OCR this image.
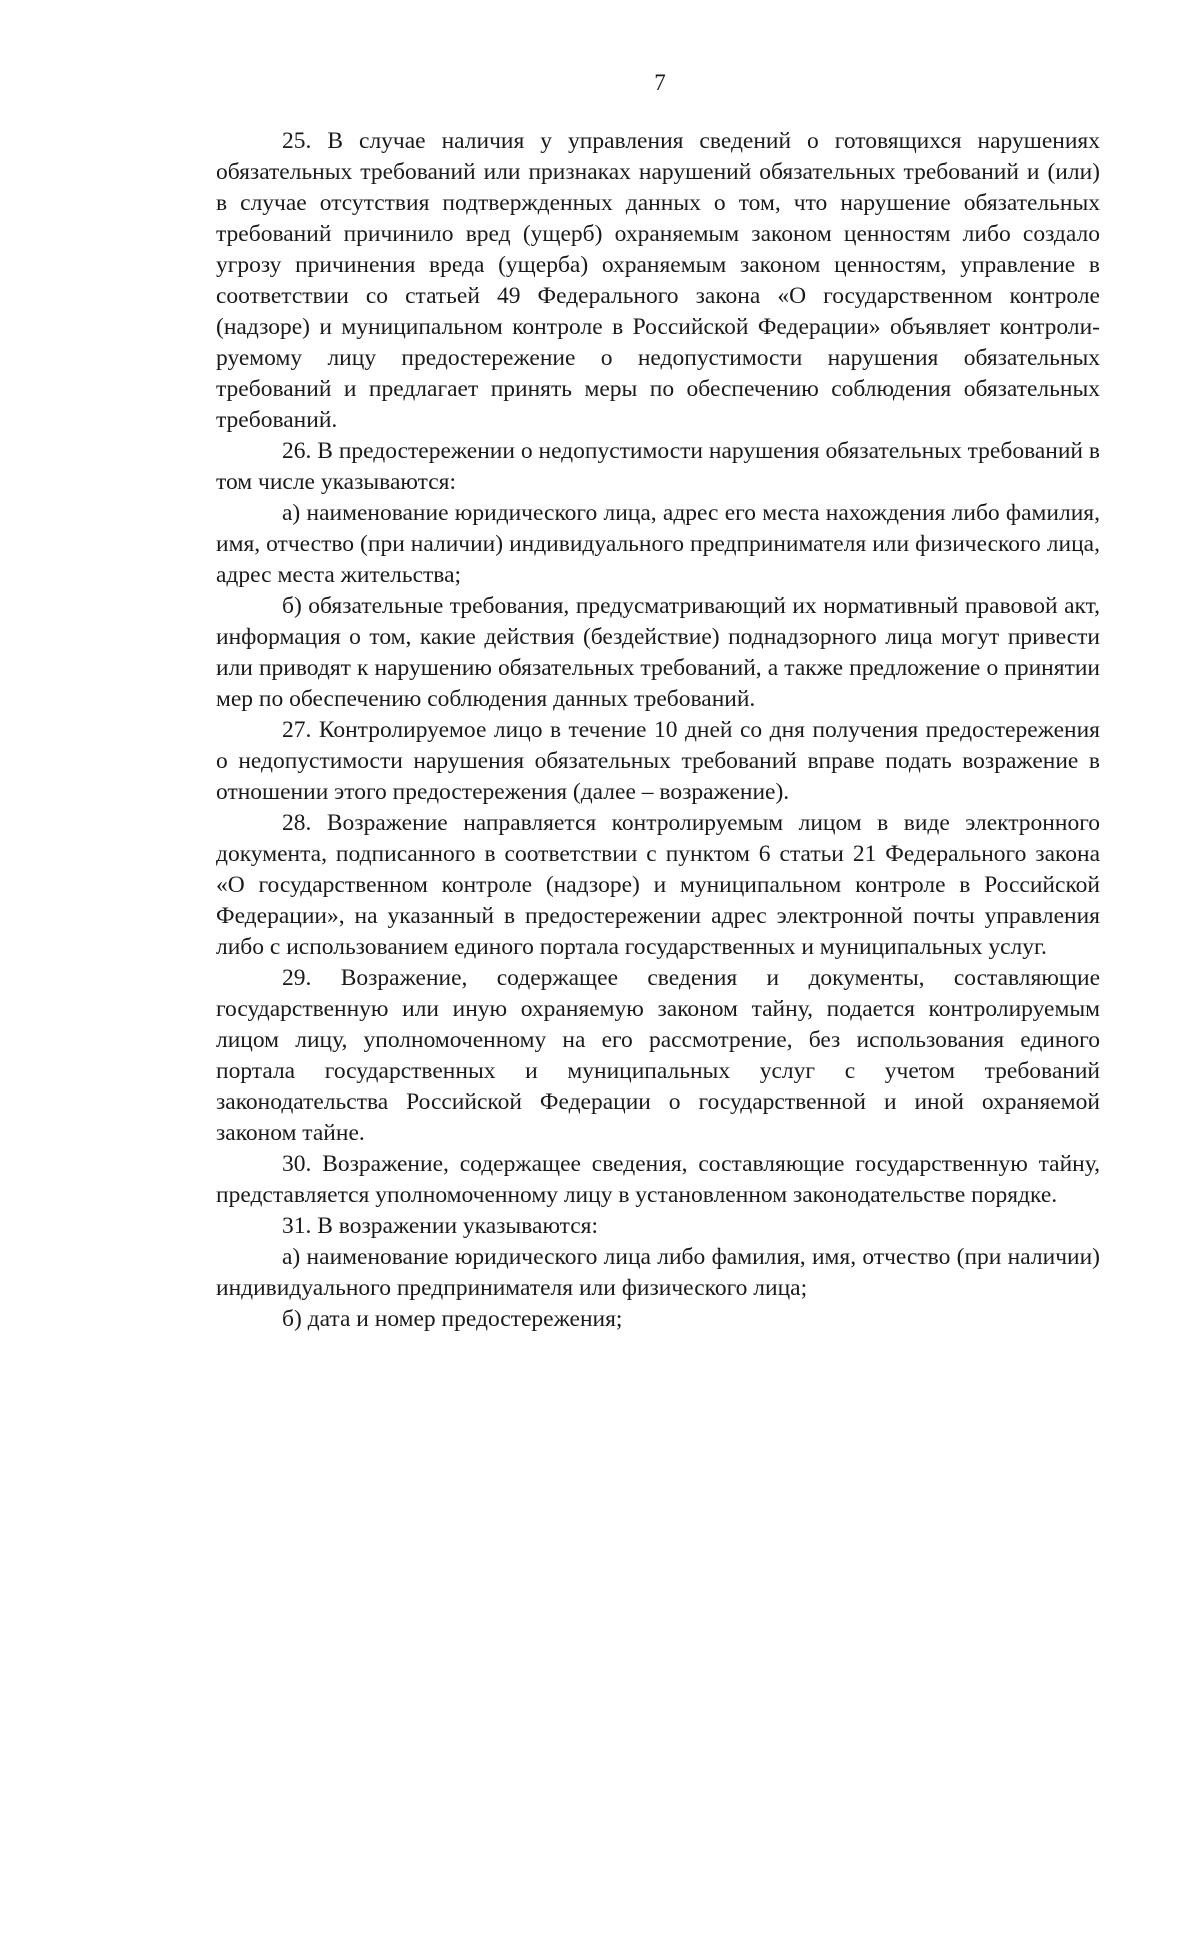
7

25. В случае наличия у управления сведений о готовящихся нарушениях обязательных требований или признаках нарушений обязательных требований и (или) в случае отсутствия подтвержденных данных о том, что нарушение обязательных требований причинило вред (ущерб) охраняемым законом ценностям либо создало угрозу причинения вреда (ущерба) охраняемым законом ценностям, управление в соответствии со статьей 49 Федерального закона «О государственном контроле (надзоре) и муниципальном контроле в Российской Федерации» объявляет контролируемому лицу предостережение о недопустимости нарушения обязательных требований и предлагает принять меры по обеспечению соблюдения обязательных требований.

26. В предостережении о недопустимости нарушения обязательных требований в том числе указываются:

а) наименование юридического лица, адрес его места нахождения либо фамилия, имя, отчество (при наличии) индивидуального предпринимателя или физического лица, адрес места жительства;

б) обязательные требования, предусматривающий их нормативный правовой акт, информация о том, какие действия (бездействие) поднадзорного лица могут привести или приводят к нарушению обязательных требований, а также предложение о принятии мер по обеспечению соблюдения данных требований.

27. Контролируемое лицо в течение 10 дней со дня получения предостережения о недопустимости нарушения обязательных требований вправе подать возражение в отношении этого предостережения (далее – возражение).

28. Возражение направляется контролируемым лицом в виде электронного документа, подписанного в соответствии с пунктом 6 статьи 21 Федерального закона «О государственном контроле (надзоре) и муниципальном контроле в Российской Федерации», на указанный в предостережении адрес электронной почты управления либо с использованием единого портала государственных и муниципальных услуг.

29. Возражение, содержащее сведения и документы, составляющие государственную или иную охраняемую законом тайну, подается контролируемым лицом лицу, уполномоченному на его рассмотрение, без использования единого портала государственных и муниципальных услуг с учетом требований законодательства Российской Федерации о государственной и иной охраняемой законом тайне.

30. Возражение, содержащее сведения, составляющие государственную тайну, представляется уполномоченному лицу в установленном законодательстве порядке.

31. В возражении указываются:

а) наименование юридического лица либо фамилия, имя, отчество (при наличии) индивидуального предпринимателя или физического лица;

б) дата и номер предостережения;
